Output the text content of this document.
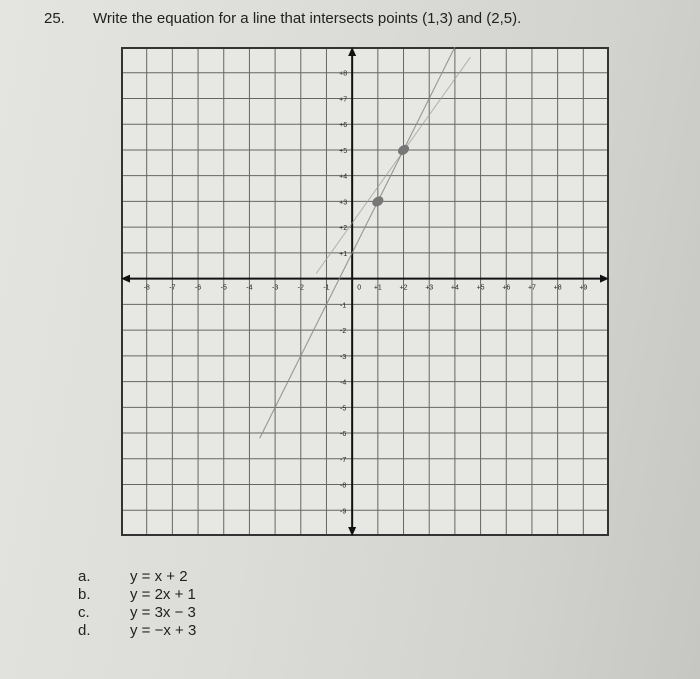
25. Write the equation for a line that intersects points (1,3) and (2,5).
-8	-7	-6	-5	-4	-3	-2	-1	0 +1	+2	+3	+4	+5	+6	+7	+8	+9
+8
+7
+6
+5
+4
+3
+2
+1
-1
-2
-3
-4
-5
-6
-7
-8
-9
a.	y = x + 2
b.	y = 2x + 1
c.	y = 3x − 3
d.	y = −x + 3
